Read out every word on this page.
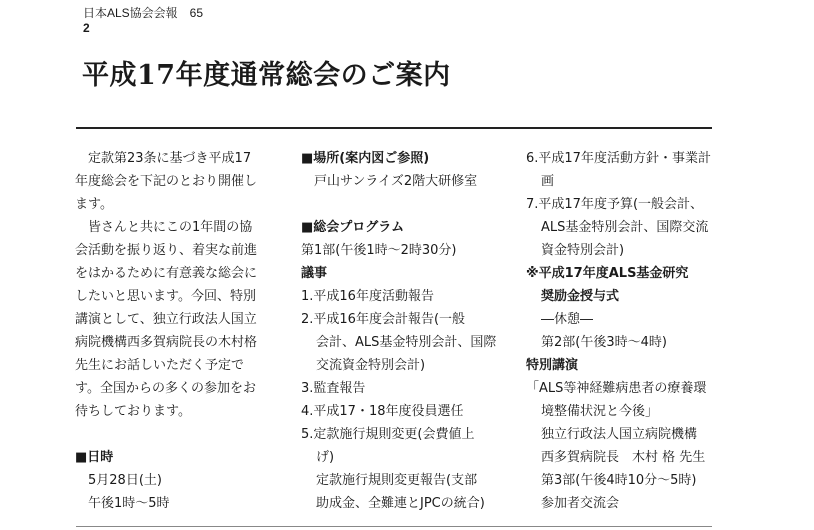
日本ALS協会会報　65
2
平成17年度通常総会のご案内
　定款第23条に基づき平成17
年度総会を下記のとおり開催し
ます。
　皆さんと共にこの1年間の協
会活動を振り返り、着実な前進
をはかるために有意義な総会に
したいと思います。今回、特別
講演として、独立行政法人国立
病院機構西多賀病院長の木村格
先生にお話しいただく予定で
す。全国からの多くの参加をお
待ちしております。
■日時
5月28日(土)
午後1時～5時
■場所(案内図ご参照)
戸山サンライズ2階大研修室
■総会プログラム
第1部(午後1時～2時30分)
議事
1.平成16年度活動報告
2.平成16年度会計報告(一般
会計、ALS基金特別会計、国際
交流資金特別会計)
3.監査報告
4.平成17・18年度役員選任
5.定款施行規則変更(会費値上
げ)
定款施行規則変更報告(支部
助成金、全難連とJPCの統合)
6.平成17年度活動方針・事業計
画
7.平成17年度予算(一般会計、
ALS基金特別会計、国際交流
資金特別会計)
※平成17年度ALS基金研究
奨励金授与式
―休憩―
第2部(午後3時～4時)
特別講演
「ALS等神経難病患者の療養環
境整備状況と今後」
独立行政法人国立病院機構
西多賀病院長　木村 格 先生
第3部(午後4時10分～5時)
参加者交流会
